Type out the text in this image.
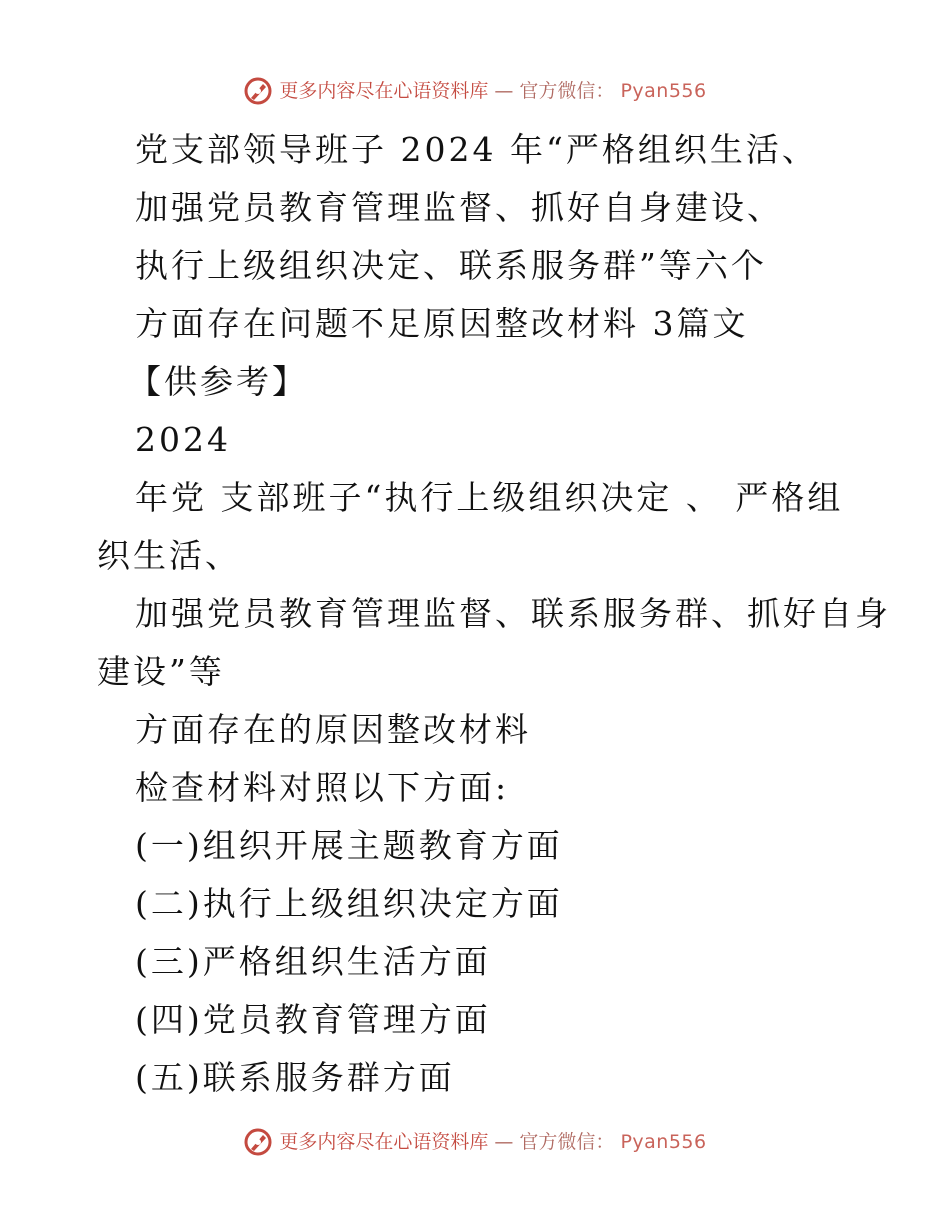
更多内容尽在心语资料库 — 官方微信： Pyan556
党支部领导班子 2024 年“严格组织生活、
加强党员教育管理监督、抓好自身建设、
执行上级组织决定、联系服务群”等六个
方面存在问题不足原因整改材料 3篇文
【供参考】
2024
年党 支部班子“执行上级组织决定 、 严格组
织生活、
加强党员教育管理监督、联系服务群、抓好自身
建设”等
方面存在的原因整改材料
检查材料对照以下方面:
(一)组织开展主题教育方面
(二)执行上级组织决定方面
(三)严格组织生活方面
(四)党员教育管理方面
(五)联系服务群方面
更多内容尽在心语资料库 — 官方微信： Pyan556
